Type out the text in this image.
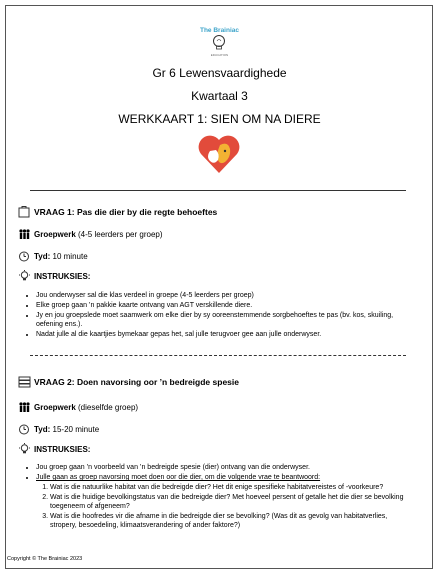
The Brainiac
EDUCATION
Gr 6 Lewensvaardighede
Kwartaal 3
WERKKAART 1: SIEN OM NA DIERE
VRAAG 1: Pas die dier by die regte behoeftes
Groepwerk (4-5 leerders per groep)
Tyd: 10 minute
INSTRUKSIES:
• Jou onderwyser sal die klas verdeel in groepe (4-5 leerders per groep)
• Elke groep gaan ’n pakkie kaarte ontvang van AGT verskillende diere.
• Jy en jou groepslede moet saamwerk om elke dier by sy ooreenstemmende sorgbehoeftes te pas (bv. kos, skuiling, oefening ens.).
• Nadat julle al die kaartjies bymekaar gepas het, sal julle terugvoer gee aan julle onderwyser.
VRAAG 2: Doen navorsing oor ’n bedreigde spesie
Groepwerk (dieselfde groep)
Tyd: 15-20 minute
INSTRUKSIES:
• Jou groep gaan ’n voorbeeld van ’n bedreigde spesie (dier) ontvang van die onderwyser.
• Julle gaan as groep navorsing moet doen oor die dier, om die volgende vrae te beantwoord:
1. Wat is die natuurlike habitat van die bedreigde dier? Het dit enige spesifieke habitatvereistes of -voorkeure?
2. Wat is die huidige bevolkingstatus van die bedreigde dier? Met hoeveel persent of getalle het die dier se bevolking toegeneem of afgeneem?
3. Wat is die hoofredes vir die afname in die bedreigde dier se bevolking? (Was dit as gevolg van habitatverlies, stropery, besoedeling, klimaatsverandering of ander faktore?)
Copyright © The Brainiac 2023
